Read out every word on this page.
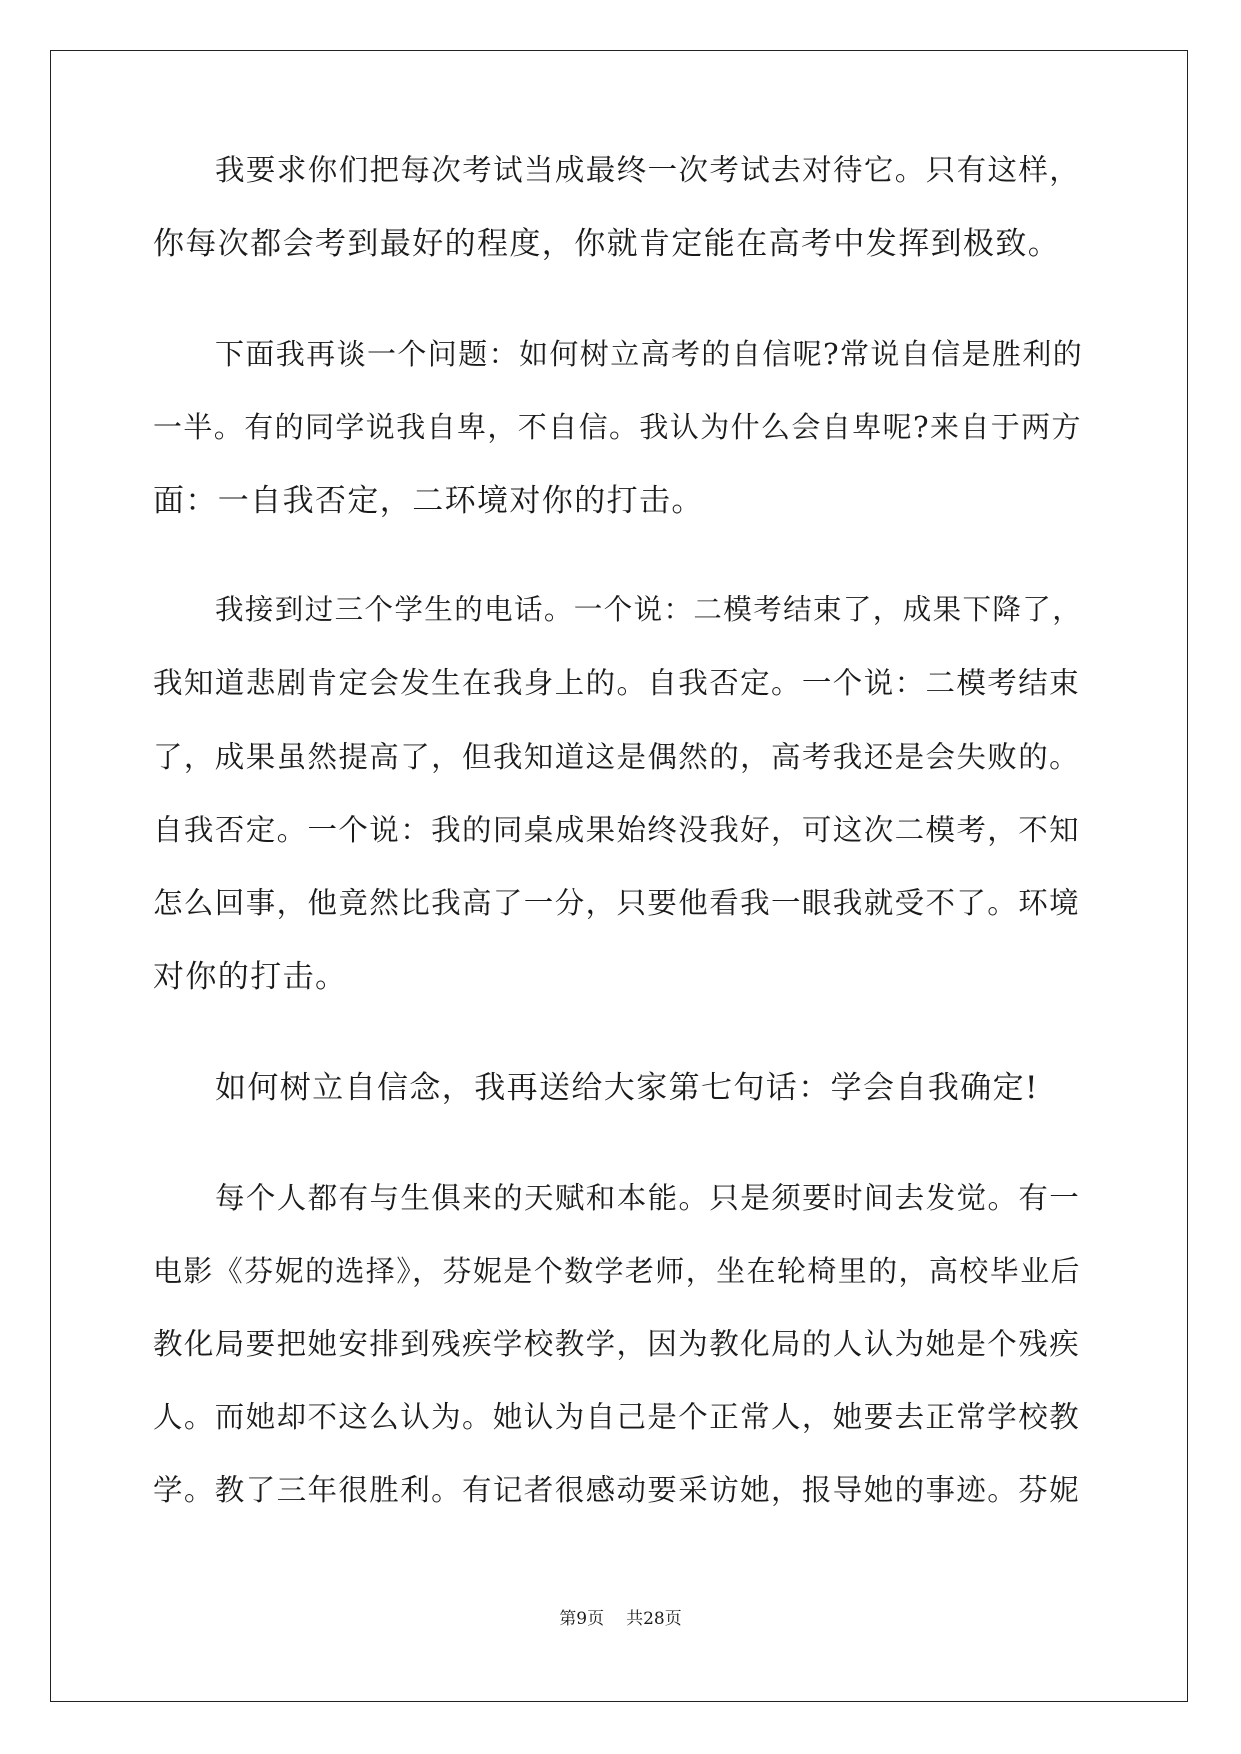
我要求你们把每次考试当成最终一次考试去对待它。只有这样，

你每次都会考到最好的程度，你就肯定能在高考中发挥到极致。

下面我再谈一个问题：如何树立高考的自信呢?常说自信是胜利的

一半。有的同学说我自卑，不自信。我认为什么会自卑呢?来自于两方

面：一自我否定，二环境对你的打击。

我接到过三个学生的电话。一个说：二模考结束了，成果下降了，

我知道悲剧肯定会发生在我身上的。自我否定。一个说：二模考结束

了，成果虽然提高了，但我知道这是偶然的，高考我还是会失败的。

自我否定。一个说：我的同桌成果始终没我好，可这次二模考，不知

怎么回事，他竟然比我高了一分，只要他看我一眼我就受不了。环境

对你的打击。

如何树立自信念，我再送给大家第七句话：学会自我确定!

每个人都有与生俱来的天赋和本能。只是须要时间去发觉。有一

电影《芬妮的选择》，芬妮是个数学老师，坐在轮椅里的，高校毕业后

教化局要把她安排到残疾学校教学，因为教化局的人认为她是个残疾

人。而她却不这么认为。她认为自己是个正常人，她要去正常学校教

学。教了三年很胜利。有记者很感动要采访她，报导她的事迹。芬妮

第9页 共28页
